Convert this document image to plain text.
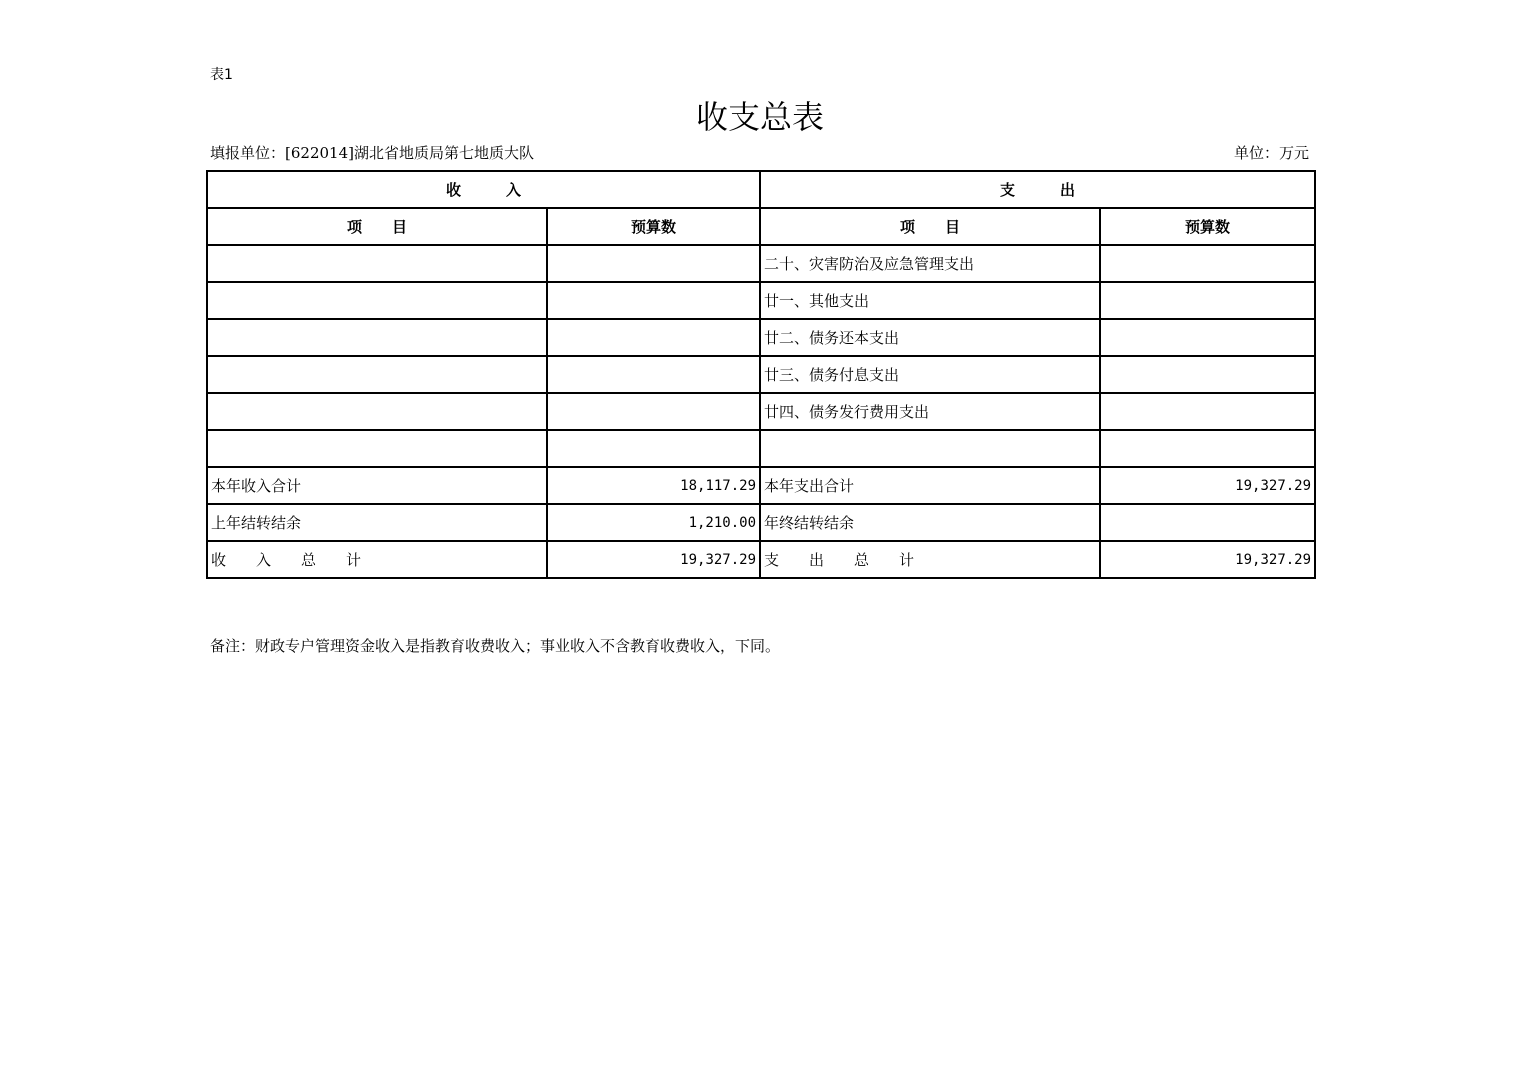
表1
收支总表
填报单位：[622014]湖北省地质局第七地质大队	单位：万元
收　　　入		支　　　出	
项　　目	预算数	项　　目	预算数
		二十、灾害防治及应急管理支出	
		廿一、其他支出	
		廿二、债务还本支出	
		廿三、债务付息支出	
		廿四、债务发行费用支出	

本年收入合计	18,117.29	本年支出合计	19,327.29
上年结转结余	1,210.00	年终结转结余	
收　　入　　总　　计	19,327.29	支　　出　　总　　计	19,327.29
备注：财政专户管理资金收入是指教育收费收入；事业收入不含教育收费收入，下同。
